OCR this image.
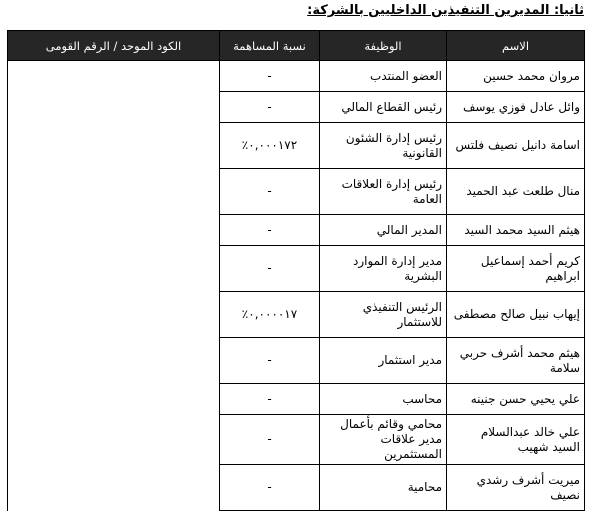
ثانيا: المديرين التنفيذين الداخليين بالشركة:
الاسم	الوظيفة	نسبة المساهمة	الكود الموحد / الرقم القومى
مروان محمد حسين	العضو المنتدب	-	
وائل عادل فوزي يوسف	رئيس القطاع المالي	-	
اسامة دانيل نصيف فلتس	رئيس إدارة الشئون القانونية	٠,٠٠٠١٧٢٪	
منال طلعت عبد الحميد	رئيس إدارة العلاقات العامة	-	
هيثم السيد محمد السيد	المدير المالي	-	
كريم أحمد إسماعيل ابراهيم	مدير إدارة الموارد البشرية	-	
إيهاب نبيل صالح مصطفى	الرئيس التنفيذي للاستثمار	٠,٠٠٠٠١٧٪	
هيثم محمد أشرف حربي سلامة	مدير استثمار	-	
علي يحيي حسن جنينه	محاسب	-	
علي خالد عبدالسلام السيد شهيب	محامي وقائم بأعمال مدير علاقات المستثمرين	-	
ميريت أشرف رشدي نصيف	محامية	-	
